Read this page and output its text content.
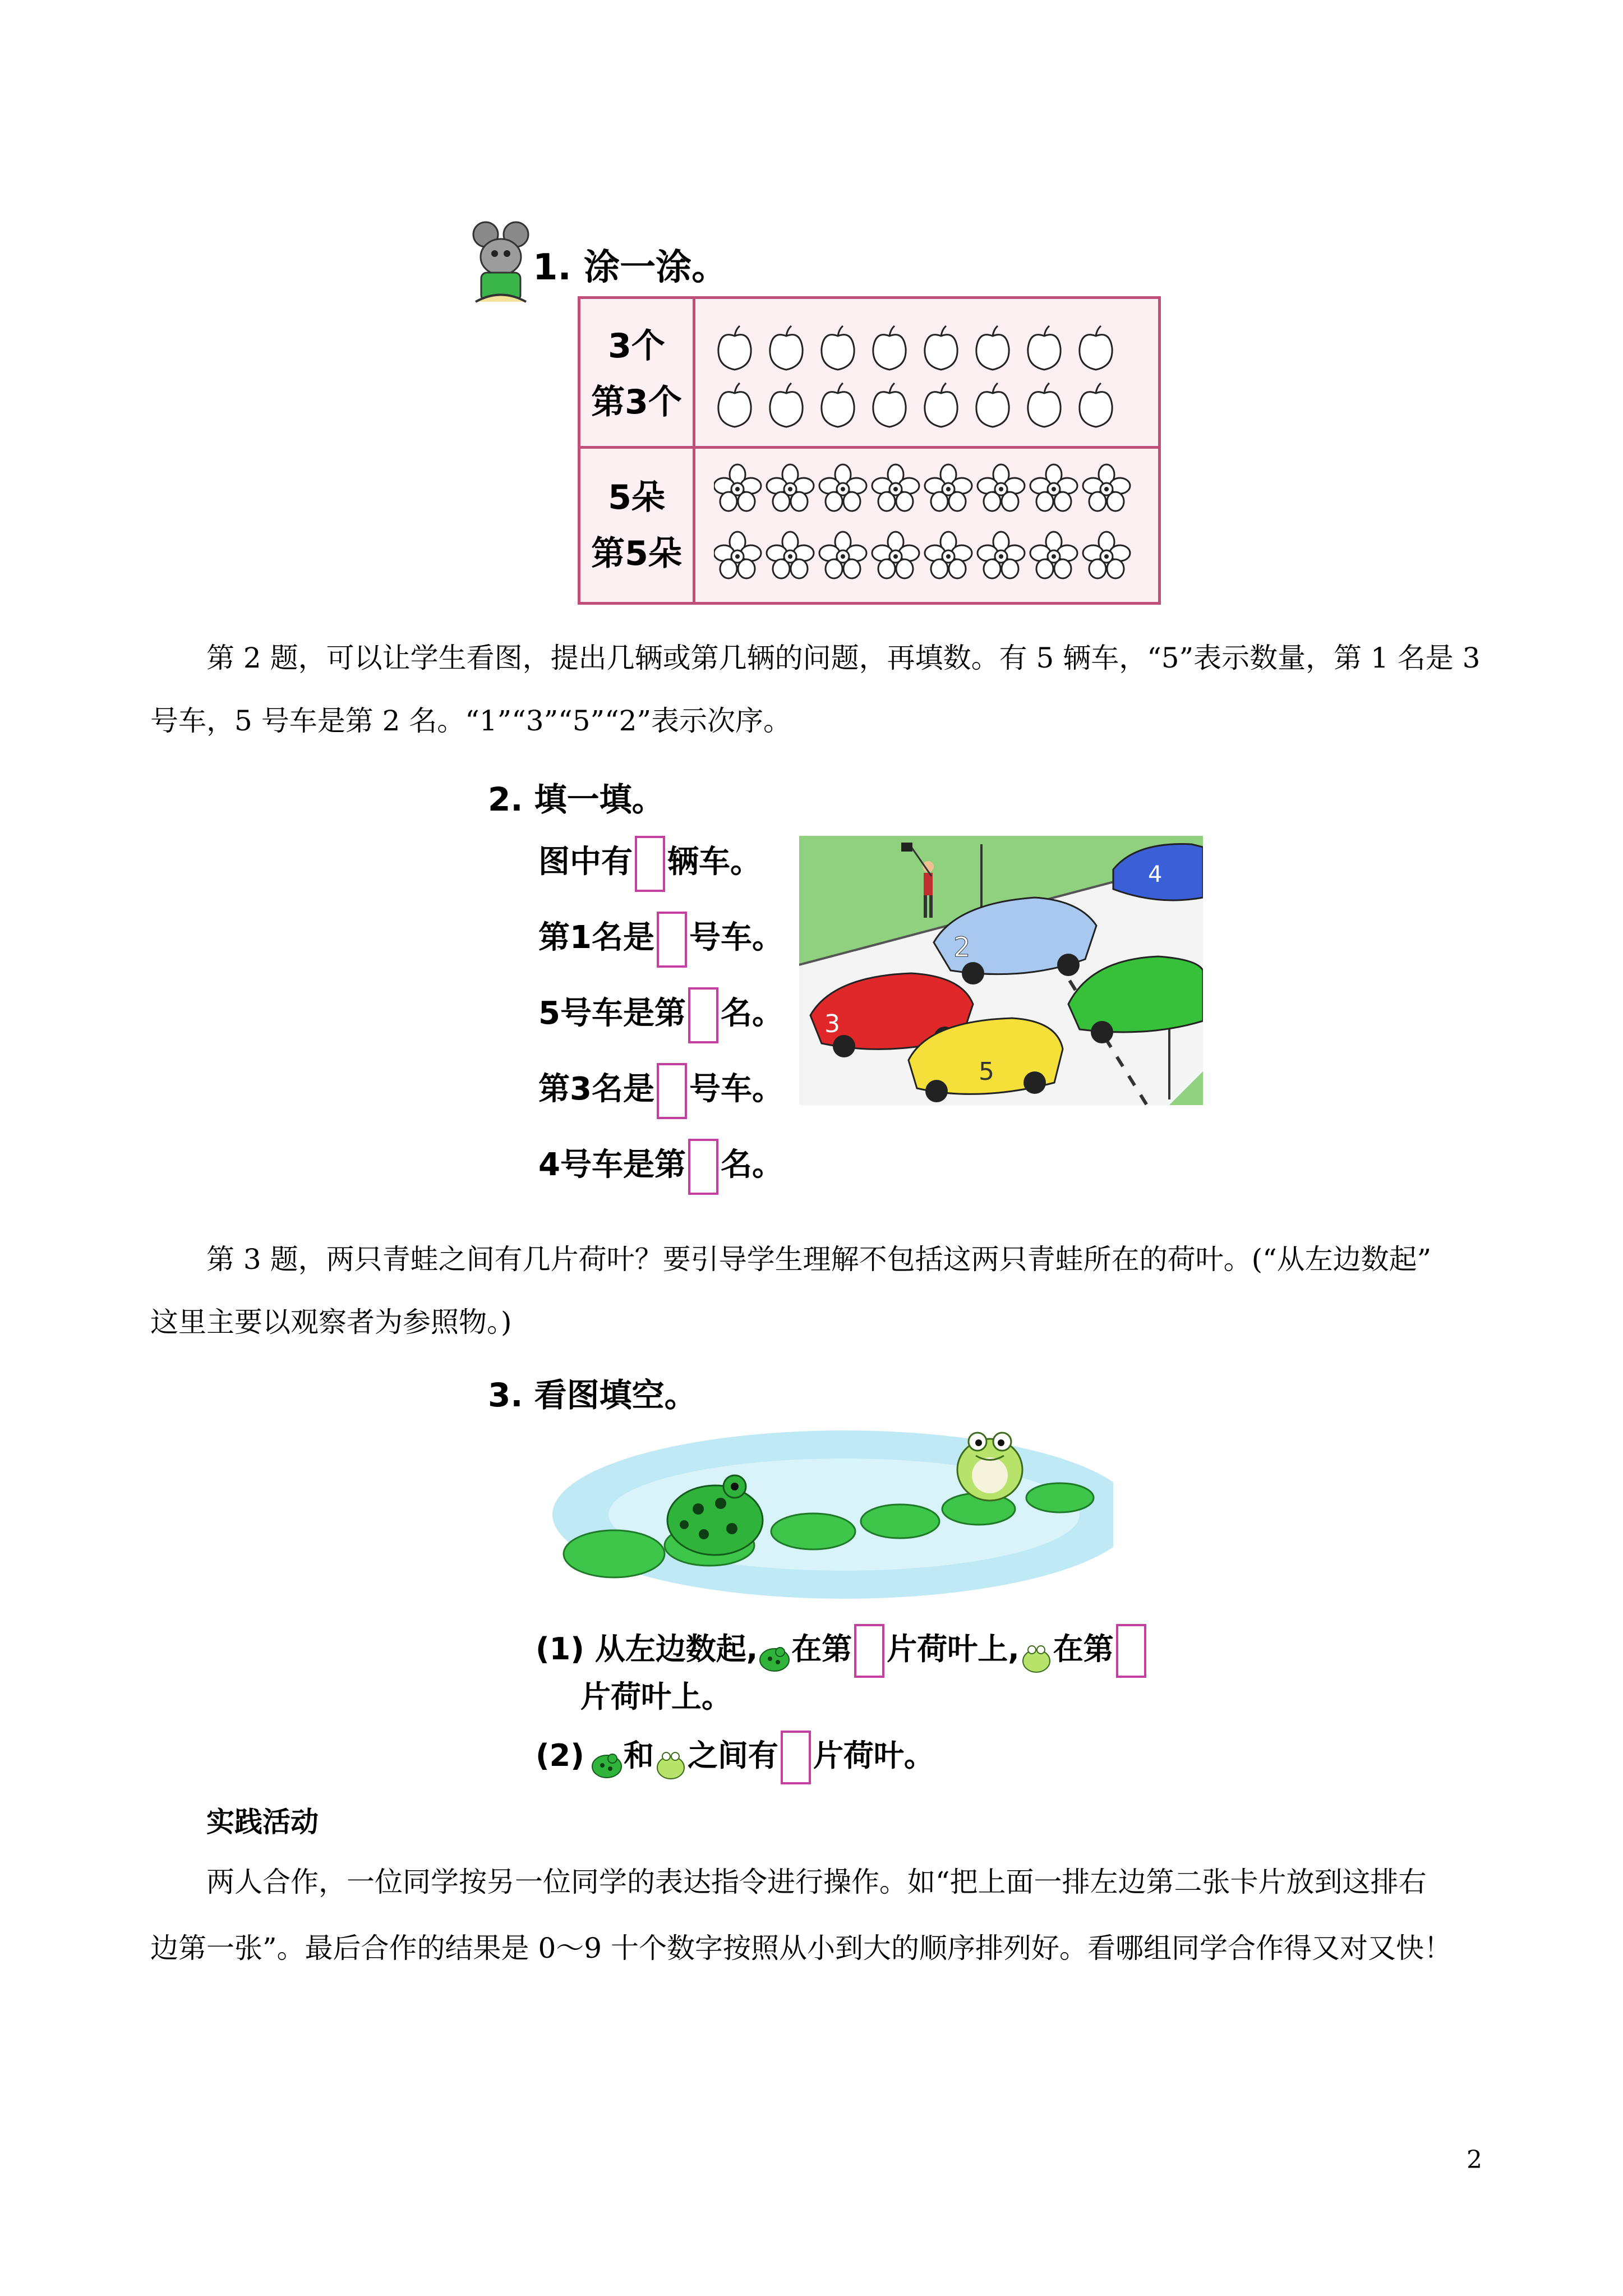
1. 涂一涂。
3个
第3个
5朵
第5朵
第 2 题，可以让学生看图，提出几辆或第几辆的问题，再填数。有 5 辆车，“5”表示数量，第 1 名是 3
号车，5 号车是第 2 名。“1”“3”“5”“2”表示次序。
2. 填一填。
图中有 辆车。
第1名是 号车。
5号车是第 名。
第3名是 号车。
4号车是第 名。
4
2
3
5
第 3 题，两只青蛙之间有几片荷叶？要引导学生理解不包括这两只青蛙所在的荷叶。(“从左边数起”
这里主要以观察者为参照物。)
3. 看图填空。
(1) 从左边数起, 在第 片荷叶上, 在第
片荷叶上。
(2) 和 之间有 片荷叶。
实践活动
两人合作，一位同学按另一位同学的表达指令进行操作。如“把上面一排左边第二张卡片放到这排右
边第一张”。最后合作的结果是 0～9 十个数字按照从小到大的顺序排列好。看哪组同学合作得又对又快！
2
